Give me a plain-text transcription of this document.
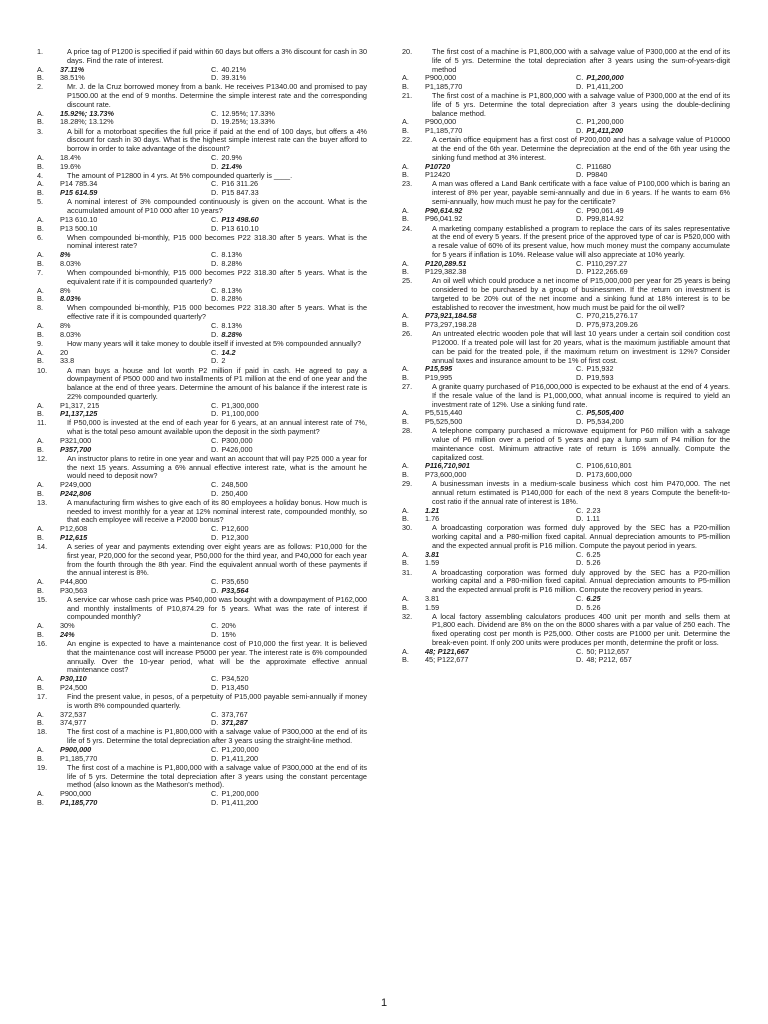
1.	A price tag of P1200 is specified if paid within 60 days but offers a 3% discount for cash in 30 days. Find the rate of interest.
A. 37.11%	C. 40.21%
B. 38.51%	D. 39.31%
2.	Mr. J. de la Cruz borrowed money from a bank. He receives P1340.00 and promised to pay P1500.00 at the end of 9 months. Determine the simple interest rate and the corresponding discount rate.
A. 15.92%; 13.73%	C. 12.95%; 17.33%
B. 18.28%; 13.12%	D. 19.25%; 13.33%
3.	A bill for a motorboat specifies the full price if paid at the end of 100 days, but offers a 4% discount for cash in 30 days. What is the highest simple interest rate can the buyer afford to borrow in order to take advantage of the discount?
A. 18.4%	C. 20.9%
B. 19.6%	D. 21.4%
4.	The amount of P12800 in 4 yrs. At 5% compounded quarterly is ____.
A. P14 785.34	C. P16 311.26
B. P15 614.59	D. P15 847.33
5.	A nominal interest of 3% compounded continuously is given on the account. What is the accumulated amount of P10 000 after 10 years?
A. P13 610.10	C. P13 498.60
B. P13 500.10	D. P13 610.10
6.	When compounded bi-monthly, P15 000 becomes P22 318.30 after 5 years. What is the nominal interest rate?
A. 8%	C. 8.13%
B. 8.03%	D. 8.28%
7.	When compounded bi-monthly, P15 000 becomes P22 318.30 after 5 years. What is the equivalent rate if it is compounded quarterly?
A. 8%	C. 8.13%
B. 8.03%	D. 8.28%
8.	When compounded bi-monthly, P15 000 becomes P22 318.30 after 5 years. What is the effective rate if it is compounded quarterly?
A. 8%	C. 8.13%
B. 8.03%	D. 8.28%
9.	How many years will it take money to double itself if invested at 5% compounded annually?
A. 20	C. 14.2
B. 33.8	D. 2
10.	A man buys a house and lot worth P2 million if paid in cash. He agreed to pay a downpayment of P500 000 and two installments of P1 million at the end of one year and the balance at the end of three years. Determine the amount of his balance if the interest rate is 22% compounded quarterly.
A. P1,317, 215	C. P1,300,000
B. P1,137,125	D. P1,100,000
11.	If P50,000 is invested at the end of each year for 6 years, at an annual interest rate of 7%, what is the total peso amount available upon the deposit in the sixth payment?
A. P321,000	C. P300,000
B. P357,700	D. P426,000
12.	An instructor plans to retire in one year and want an account that will pay P25 000 a year for the next 15 years. Assuming a 6% annual effective interest rate, what is the amount he would need to deposit now?
A. P249,000	C. 248,500
B. P242,806	D. 250,400
13.	A manufacturing firm wishes to give each of its 80 employees a holiday bonus. How much is needed to invest monthly for a year at 12% nominal interest rate, compounded monthly, so that each employee will receive a P2000 bonus?
A. P12,608	C. P12,600
B. P12,615	D. P12,300
14.	A series of year and payments extending over eight years are as follows: P10,000 for the first year, P20,000 for the second year, P50,000 for the third year, and P40,000 for each year from the fourth through the 8th year. Find the equivalent annual worth of these payments if the annual interest is 8%.
A. P44,800	C. P35,650
B. P30,563	D. P33,564
15.	A service car whose cash price was P540,000 was bought with a downpayment of P162,000 and monthly installments of P10,874.29 for 5 years. What was the rate of interest if compounded monthly?
A. 30%	C. 20%
B. 24%	D. 15%
16.	An engine is expected to have a maintenance cost of P10,000 the first year. It is believed that the maintenance cost will increase P5000 per year. The interest rate is 6% compounded annually. Over the 10-year period, what will be the approximate effective annual maintenance cost?
A. P30,110	C. P34,520
B. P24,500	D. P13,450
17.	Find the present value, in pesos, of a perpetuity of P15,000 payable semi-annually if money is worth 8% compounded quarterly.
A. 372,537	C. 373,767
B. 374,977	D. 371,287
18.	The first cost of a machine is P1,800,000 with a salvage value of P300,000 at the end of its life of 5 yrs. Determine the total depreciation after 3 years using the straight-line method.
A. P900,000	C. P1,200,000
B. P1,185,770	D. P1,411,200
19.	The first cost of a machine is P1,800,000 with a salvage value of P300,000 at the end of its life of 5 yrs. Determine the total depreciation after 3 years using the constant percentage method (also known as the Matheson's method).
A. P900,000	C. P1,200,000
B. P1,185,770	D. P1,411,200
20.	The first cost of a machine is P1,800,000 with a salvage value of P300,000 at the end of its life of 5 yrs. Determine the total depreciation after 3 years using the sum-of-years-digit method
A. P900,000	C. P1,200,000
B. P1,185,770	D. P1,411,200
21.	The first cost of a machine is P1,800,000 with a salvage value of P300,000 at the end of its life of 5 yrs. Determine the total depreciation after 3 years using the double-declining balance method.
A. P900,000	C. P1,200,000
B. P1,185,770	D. P1,411,200
22.	A certain office equipment has a first cost of P200,000 and has a salvage value of P10000 at the end of the 6th year. Determine the depreciation at the end of the 6th year using the sinking fund method at 3% interest.
A. P10720	C. P11680
B. P12420	D. P9840
23.	A man was offered a Land Bank certificate with a face value of P100,000 which is baring an interest of 8% per year, payable semi-annually and due in 6 years. If he wants to earn 6% semi-annually, how much must he pay for the certificate?
A. P90,614.92	C. P90,061.49
B. P96,041.92	D. P99,814.92
24.	A marketing company established a program to replace the cars of its sales representative at the end of every 5 years. If the present price of the approved type of car is P520,000 with a resale value of 60% of its present value, how much money must the company accumulate for 5 years if inflation is 10%. Release value will also appreciate at 10% yearly.
A. P120,289.51	C. P110,297.27
B. P129,382.38	D. P122,265.69
25.	An oil well which could produce a net income of P15,000,000 per year for 25 years is being considered to be purchased by a group of businessmen. If the return on investment is targeted to be 20% out of the net income and a sinking fund at 18% interest is to be established to recover the investment, how much must be paid for the oil well?
A. P73,921,184.58	C. P70,215,276.17
B. P73,297,198.28	D. P75,973,209.26
26.	An untreated electric wooden pole that will last 10 years under a certain soil condition cost P12000. If a treated pole will last for 20 years, what is the maximum justifiable amount that can be paid for the treated pole, if the maximum return on investment is 12%? Consider annual taxes and insurance amount to be 1% of first cost.
A. P15,595	C. P15,932
B. P19,995	D. P19,593
27.	A granite quarry purchased of P16,000,000 is expected to be exhaust at the end of 4 years. If the resale value of the land is P1,000,000, what annual income is required to yield an investment rate of 12%. Use a sinking fund rate.
A. P5,515,440	C. P5,505,400
B. P5,525,500	D. P5,534,200
28.	A telephone company purchased a microwave equipment for P60 million with a salvage value of P6 million over a period of 5 years and pay a lump sum of P4 million for the maintenance cost. Minimum attractive rate of return is 16% annually. Compute the capitalized cost.
A. P116,710,901	C. P106,610,801
B. P73,600,000	D. P173,600,000
29.	A businessman invests in a medium-scale business which cost him P470,000. The net annual return estimated is P140,000 for each of the next 8 years Compute the benefit-to-cost ratio if the annual rate of interest is 18%.
A. 1.21	C. 2.23
B. 1.76	D. 1.11
30.	A broadcasting corporation was formed duly approved by the SEC has a P20-million working capital and a P80-million fixed capital. Annual depreciation amounts to P5-million and the expected annual profit is P16 million. Compute the payout period in years.
A. 3.81	C. 6.25
B. 1.59	D. 5.26
31.	A broadcasting corporation was formed duly approved by the SEC has a P20-million working capital and a P80-million fixed capital. Annual depreciation amounts to P5-million and the expected annual profit is P16 million. Compute the recovery period in years.
A. 3.81	C. 6.25
B. 1.59	D. 5.26
32.	A local factory assembling calculators produces 400 unit per month and sells them at P1,800 each. Dividend are 8% on the on the 8000 shares with a par value of 250 each. The fixed operating cost per month is P25,000. Other costs are P1000 per unit. Determine the break-even point. If only 200 units were produces per month, determine the profit or loss.
A. 48; P121,667	C. 50; P112,657
B. 45; P122,677	D. 48; P212, 657
1
